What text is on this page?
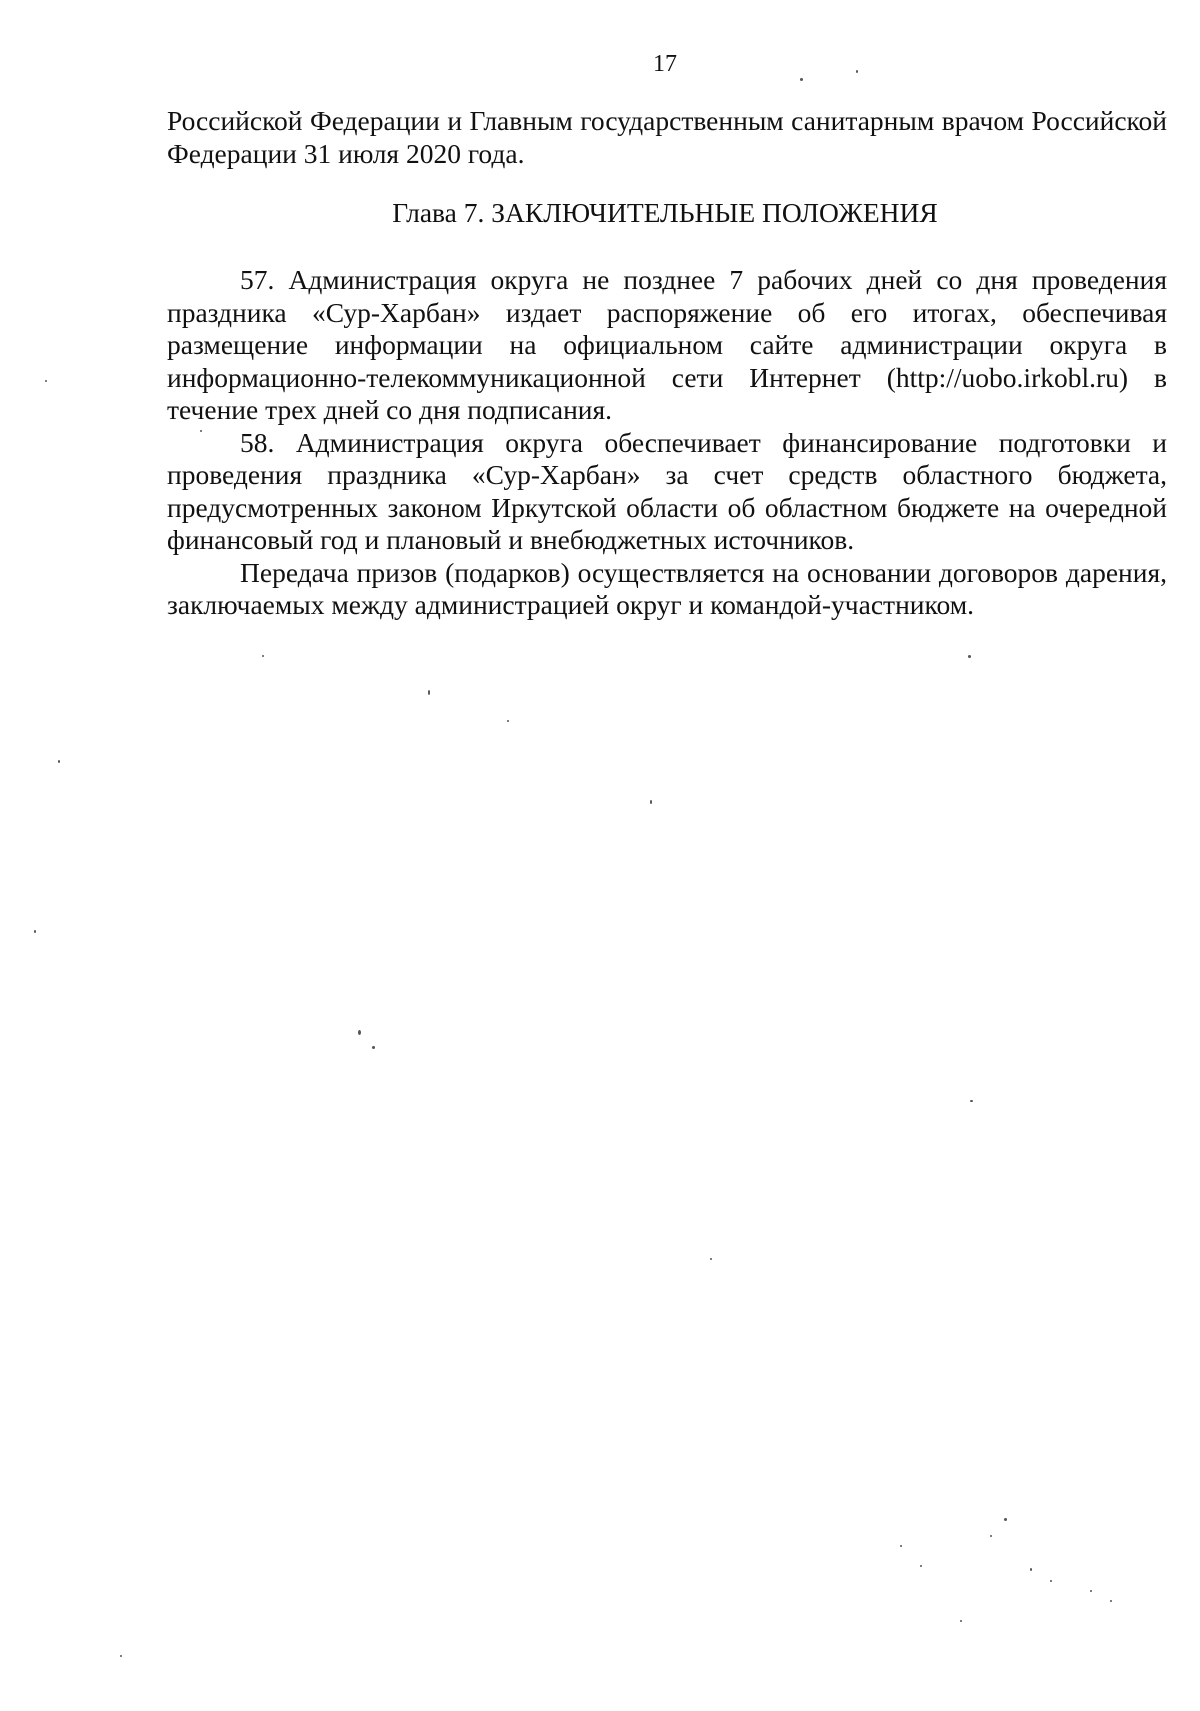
17

Российской Федерации и Главным государственным санитарным врачом Российской Федерации 31 июля 2020 года.

Глава 7. ЗАКЛЮЧИТЕЛЬНЫЕ ПОЛОЖЕНИЯ

57. Администрация округа не позднее 7 рабочих дней со дня проведения праздника «Сур-Харбан» издает распоряжение об его итогах, обеспечивая размещение информации на официальном сайте администрации округа в информационно-телекоммуникационной сети Интернет (http://uobo.irkobl.ru) в течение трех дней со дня подписания.

58. Администрация округа обеспечивает финансирование подготовки и проведения праздника «Сур-Харбан» за счет средств областного бюджета, предусмотренных законом Иркутской области об областном бюджете на очередной финансовый год и плановый и внебюджетных источников.

Передача призов (подарков) осуществляется на основании договоров дарения, заключаемых между администрацией округ и командой-участником.
